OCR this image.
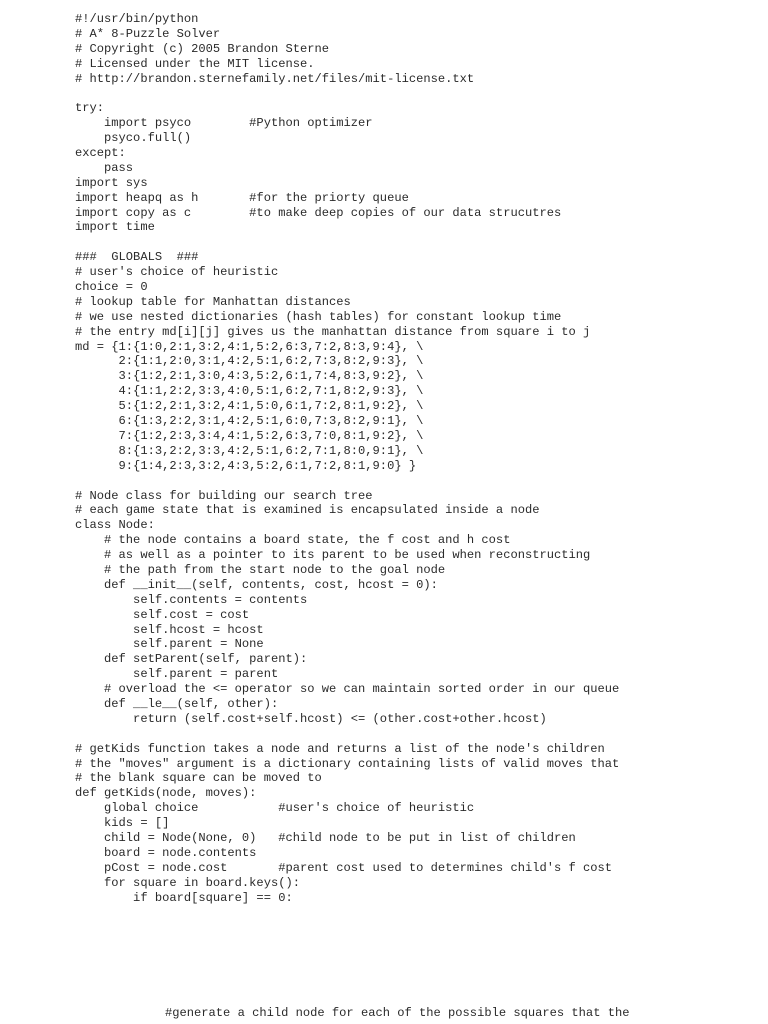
#!/usr/bin/python
# A* 8-Puzzle Solver
# Copyright (c) 2005 Brandon Sterne
# Licensed under the MIT license.
# http://brandon.sternefamily.net/files/mit-license.txt
try:
import psyco        #Python optimizer
psyco.full()
except:
pass
import sys
import heapq as h       #for the priorty queue
import copy as c        #to make deep copies of our data strucutres
import time
###  GLOBALS  ###
# user's choice of heuristic
choice = 0
# lookup table for Manhattan distances
# we use nested dictionaries (hash tables) for constant lookup time
# the entry md[i][j] gives us the manhattan distance from square i to j
md = {1:{1:0,2:1,3:2,4:1,5:2,6:3,7:2,8:3,9:4}, \
2:{1:1,2:0,3:1,4:2,5:1,6:2,7:3,8:2,9:3}, \
3:{1:2,2:1,3:0,4:3,5:2,6:1,7:4,8:3,9:2}, \
4:{1:1,2:2,3:3,4:0,5:1,6:2,7:1,8:2,9:3}, \
5:{1:2,2:1,3:2,4:1,5:0,6:1,7:2,8:1,9:2}, \
6:{1:3,2:2,3:1,4:2,5:1,6:0,7:3,8:2,9:1}, \
7:{1:2,2:3,3:4,4:1,5:2,6:3,7:0,8:1,9:2}, \
8:{1:3,2:2,3:3,4:2,5:1,6:2,7:1,8:0,9:1}, \
9:{1:4,2:3,3:2,4:3,5:2,6:1,7:2,8:1,9:0} }
# Node class for building our search tree
# each game state that is examined is encapsulated inside a node
class Node:
# the node contains a board state, the f cost and h cost
# as well as a pointer to its parent to be used when reconstructing
# the path from the start node to the goal node
def __init__(self, contents, cost, hcost = 0):
self.contents = contents
self.cost = cost
self.hcost = hcost
self.parent = None
def setParent(self, parent):
self.parent = parent
# overload the <= operator so we can maintain sorted order in our queue
def __le__(self, other):
return (self.cost+self.hcost) <= (other.cost+other.hcost)
# getKids function takes a node and returns a list of the node's children
# the "moves" argument is a dictionary containing lists of valid moves that
# the blank square can be moved to
def getKids(node, moves):
global choice           #user's choice of heuristic
kids = []
child = Node(None, 0)   #child node to be put in list of children
board = node.contents
pCost = node.cost       #parent cost used to determines child's f cost
for square in board.keys():
if board[square] == 0:
#generate a child node for each of the possible squares that the
